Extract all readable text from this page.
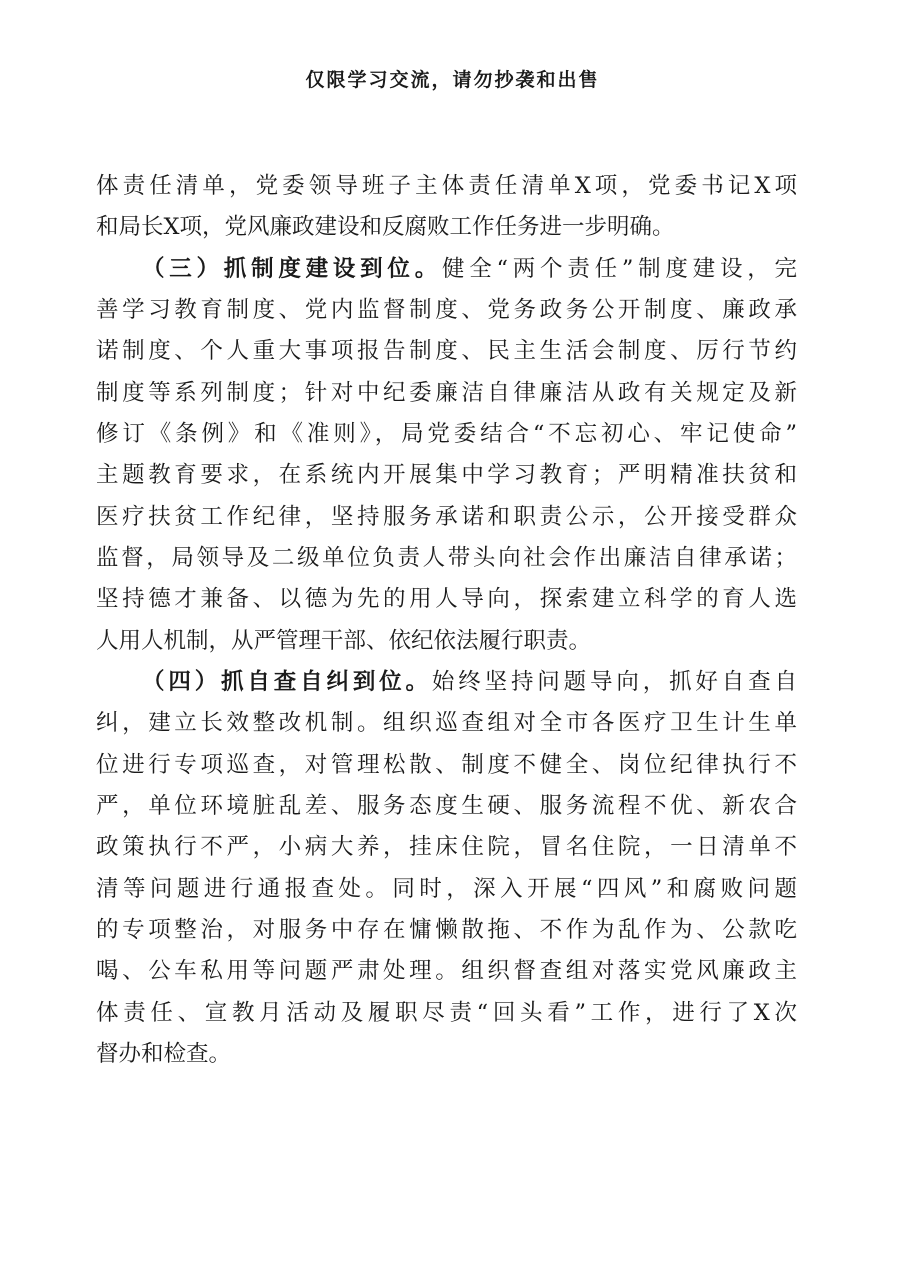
仅限学习交流，请勿抄袭和出售
体责任清单，党委领导班子主体责任清单X项，党委书记X项
和局长X项，党风廉政建设和反腐败工作任务进一步明确。
（三）抓制度建设到位。健全“两个责任”制度建设，完
善学习教育制度、党内监督制度、党务政务公开制度、廉政承
诺制度、个人重大事项报告制度、民主生活会制度、厉行节约
制度等系列制度；针对中纪委廉洁自律廉洁从政有关规定及新
修订《条例》和《准则》，局党委结合“不忘初心、牢记使命”
主题教育要求，在系统内开展集中学习教育；严明精准扶贫和
医疗扶贫工作纪律，坚持服务承诺和职责公示，公开接受群众
监督，局领导及二级单位负责人带头向社会作出廉洁自律承诺；
坚持德才兼备、以德为先的用人导向，探索建立科学的育人选
人用人机制，从严管理干部、依纪依法履行职责。
（四）抓自查自纠到位。始终坚持问题导向，抓好自查自
纠，建立长效整改机制。组织巡查组对全市各医疗卫生计生单
位进行专项巡查，对管理松散、制度不健全、岗位纪律执行不
严，单位环境脏乱差、服务态度生硬、服务流程不优、新农合
政策执行不严，小病大养，挂床住院，冒名住院，一日清单不
清等问题进行通报查处。同时，深入开展“四风”和腐败问题
的专项整治，对服务中存在慵懒散拖、不作为乱作为、公款吃
喝、公车私用等问题严肃处理。组织督查组对落实党风廉政主
体责任、宣教月活动及履职尽责“回头看”工作，进行了X次
督办和检查。
